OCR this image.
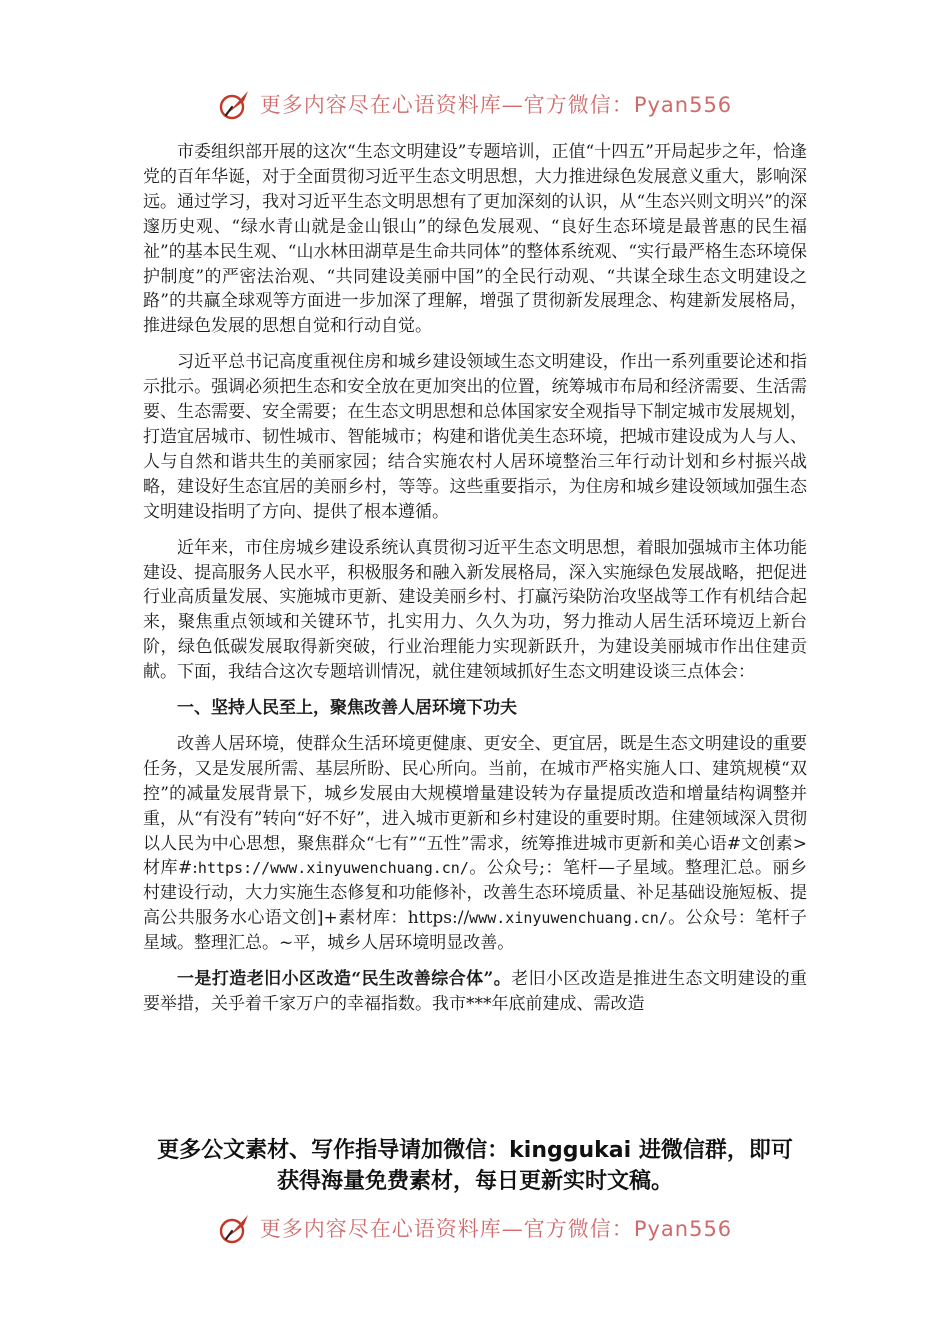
更多内容尽在心语资料库—官方微信：Pyan556

市委组织部开展的这次“生态文明建设”专题培训，正值“十四五”开局起步之年，恰逢党的百年华诞，对于全面贯彻习近平生态文明思想，大力推进绿色发展意义重大，影响深远。通过学习，我对习近平生态文明思想有了更加深刻的认识，从“生态兴则文明兴”的深邃历史观、“绿水青山就是金山银山”的绿色发展观、“良好生态环境是最普惠的民生福祉”的基本民生观、“山水林田湖草是生命共同体”的整体系统观、“实行最严格生态环境保护制度”的严密法治观、“共同建设美丽中国”的全民行动观、“共谋全球生态文明建设之路”的共赢全球观等方面进一步加深了理解，增强了贯彻新发展理念、构建新发展格局，推进绿色发展的思想自觉和行动自觉。

习近平总书记高度重视住房和城乡建设领域生态文明建设，作出一系列重要论述和指示批示。强调必须把生态和安全放在更加突出的位置，统筹城市布局和经济需要、生活需要、生态需要、安全需要；在生态文明思想和总体国家安全观指导下制定城市发展规划，打造宜居城市、韧性城市、智能城市；构建和谐优美生态环境，把城市建设成为人与人、人与自然和谐共生的美丽家园；结合实施农村人居环境整治三年行动计划和乡村振兴战略，建设好生态宜居的美丽乡村，等等。这些重要指示，为住房和城乡建设领域加强生态文明建设指明了方向、提供了根本遵循。

近年来，市住房城乡建设系统认真贯彻习近平生态文明思想，着眼加强城市主体功能建设、提高服务人民水平，积极服务和融入新发展格局，深入实施绿色发展战略，把促进行业高质量发展、实施城市更新、建设美丽乡村、打赢污染防治攻坚战等工作有机结合起来，聚焦重点领域和关键环节，扎实用力、久久为功，努力推动人居生活环境迈上新台阶，绿色低碳发展取得新突破，行业治理能力实现新跃升，为建设美丽城市作出住建贡献。下面，我结合这次专题培训情况，就住建领域抓好生态文明建设谈三点体会：

一、坚持人民至上，聚焦改善人居环境下功夫

改善人居环境，使群众生活环境更健康、更安全、更宜居，既是生态文明建设的重要任务，又是发展所需、基层所盼、民心所向。当前，在城市严格实施人口、建筑规模“双控”的减量发展背景下，城乡发展由大规模增量建设转为存量提质改造和增量结构调整并重，从“有没有”转向“好不好”，进入城市更新和乡村建设的重要时期。住建领域深入贯彻以人民为中心思想，聚焦群众“七有”“五性”需求，统筹推进城市更新和美心语#文创素>材库#:https://www.xinyuwenchuang.cn/。公众号;：笔杆—子星域。整理汇总。丽乡村建设行动，大力实施生态修复和功能修补，改善生态环境质量、补足基础设施短板、提高公共服务水心语文创]+素材库：https://www.xinyuwenchuang.cn/。公众号：笔杆子星域。整理汇总。~平，城乡人居环境明显改善。

一是打造老旧小区改造“民生改善综合体”。老旧小区改造是推进生态文明建设的重要举措，关乎着千家万户的幸福指数。我市***年底前建成、需改造

更多公文素材、写作指导请加微信：kinggukai 进微信群，即可
获得海量免费素材，每日更新实时文稿。
更多内容尽在心语资料库—官方微信：Pyan556
